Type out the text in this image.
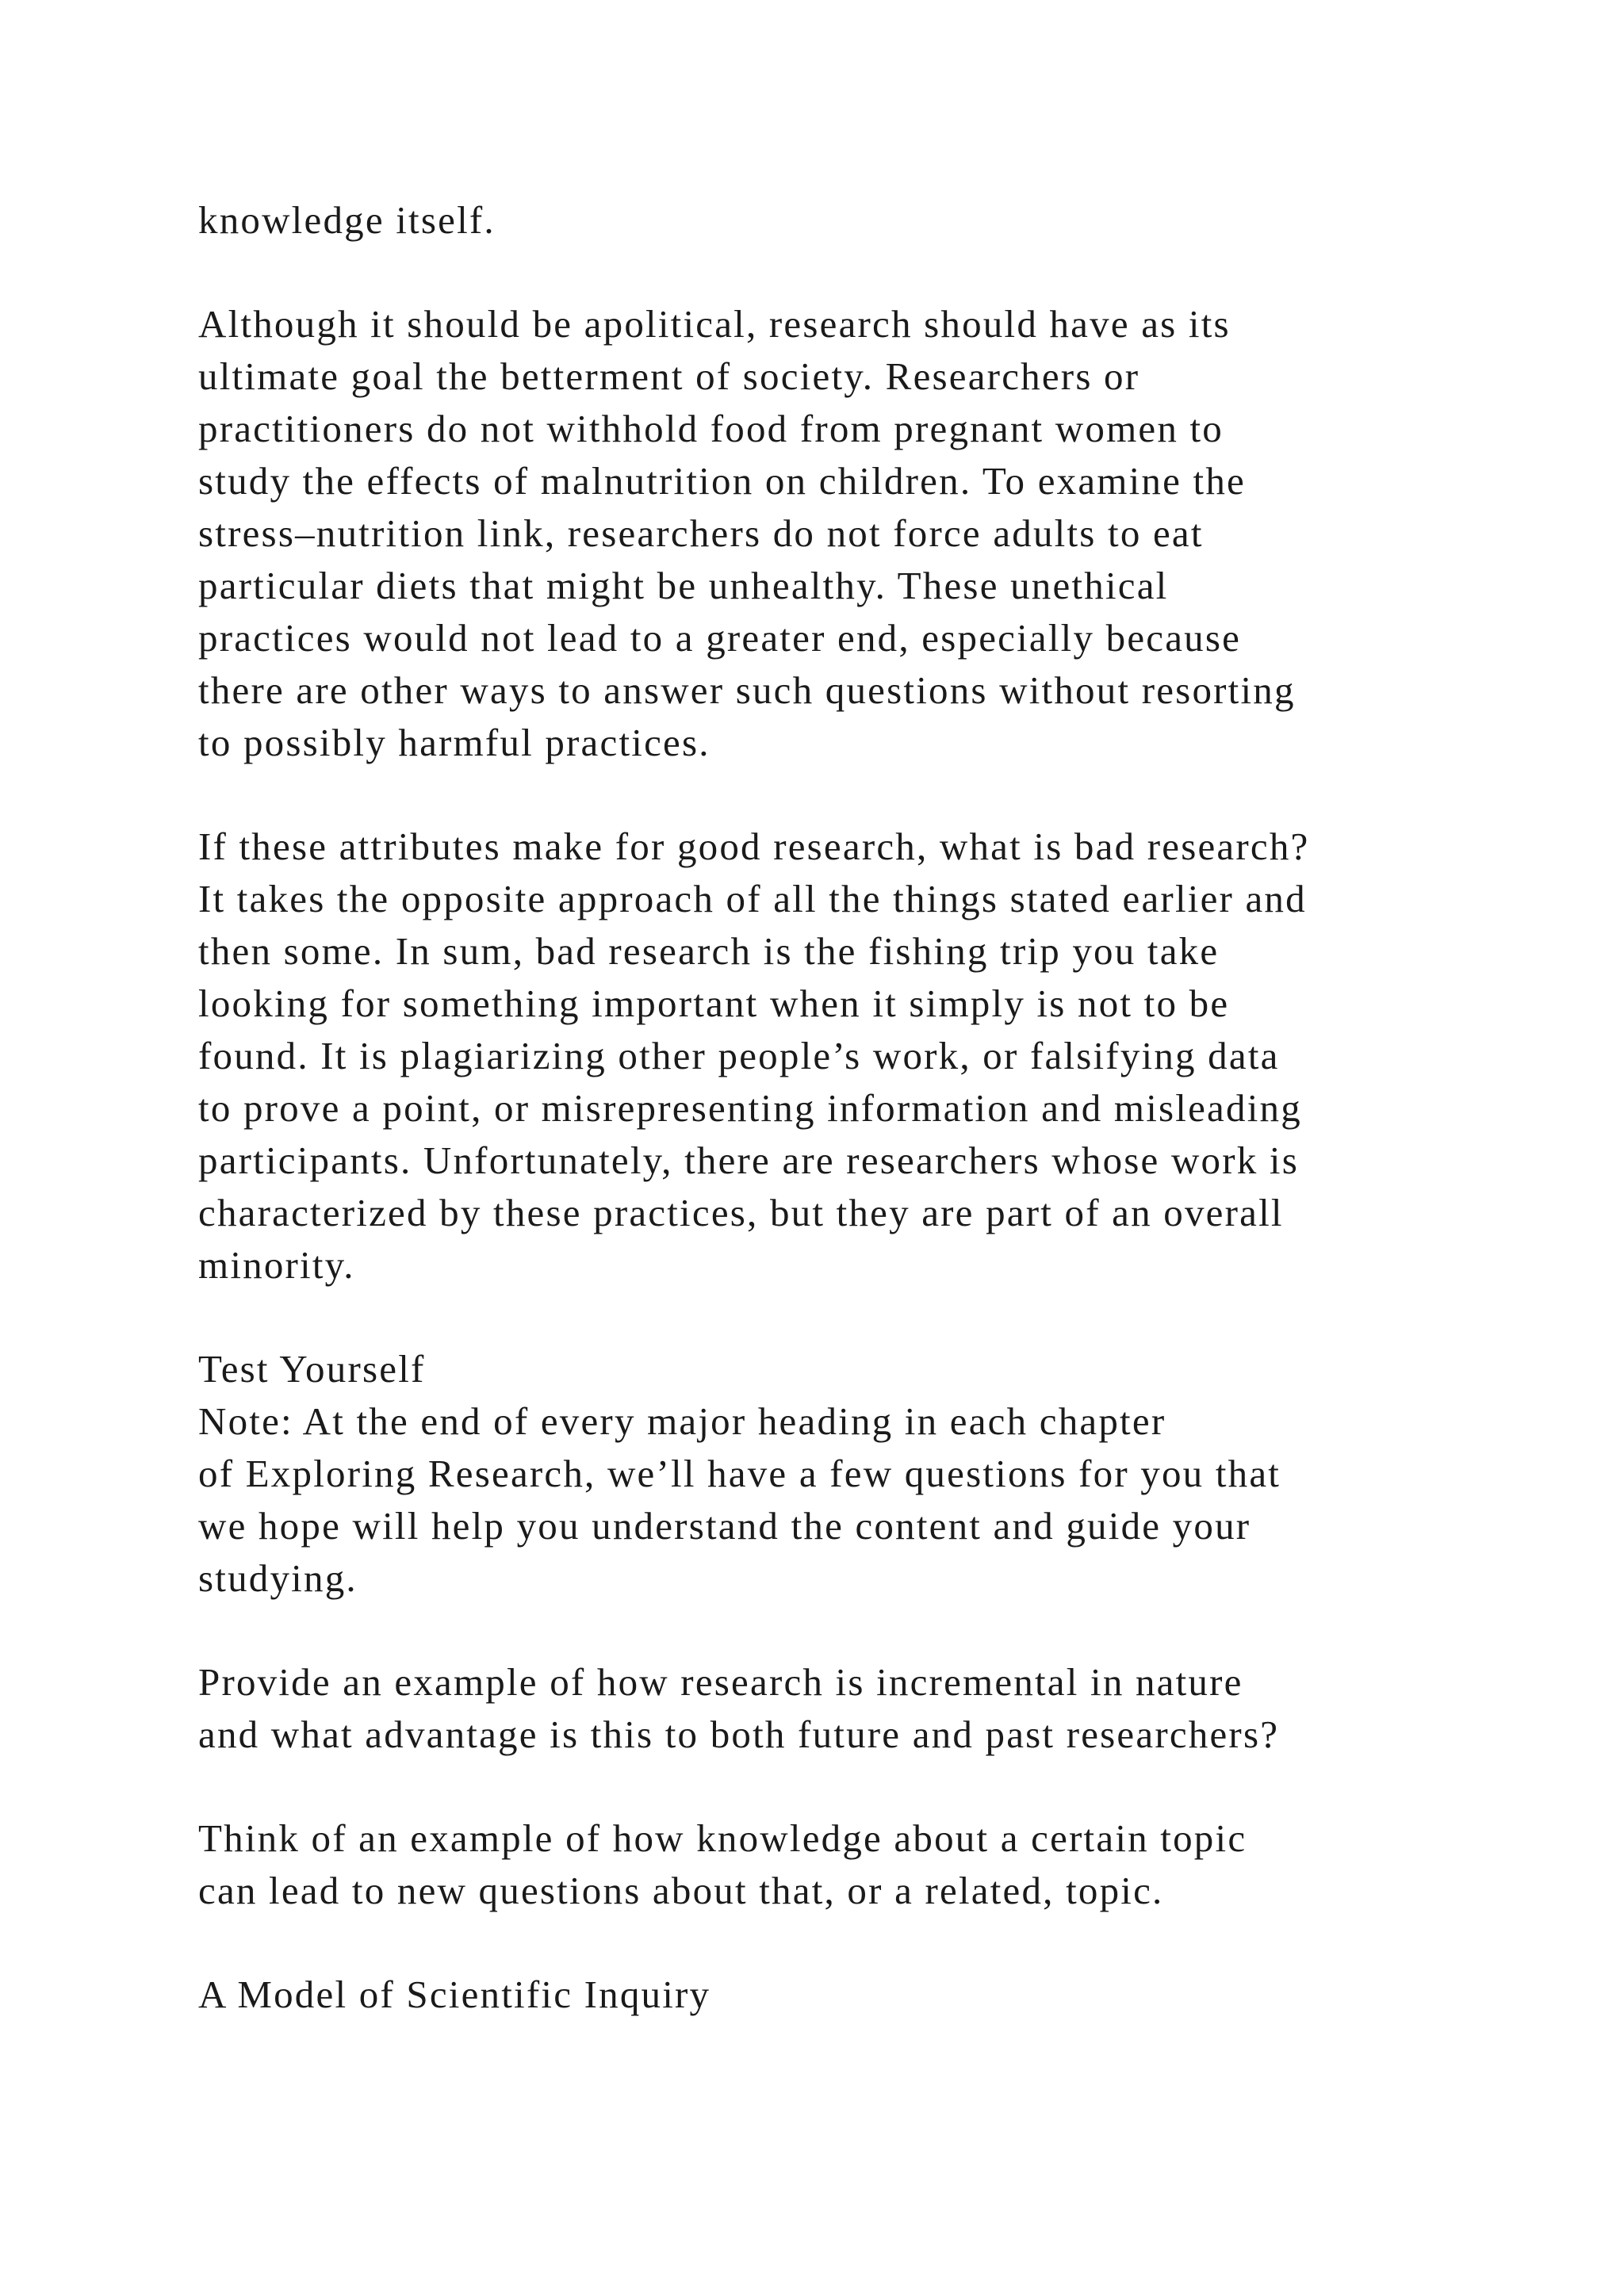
knowledge itself.
Although it should be apolitical, research should have as its
ultimate goal the betterment of society. Researchers or
practitioners do not withhold food from pregnant women to
study the effects of malnutrition on children. To examine the
stress–nutrition link, researchers do not force adults to eat
particular diets that might be unhealthy. These unethical
practices would not lead to a greater end, especially because
there are other ways to answer such questions without resorting
to possibly harmful practices.
If these attributes make for good research, what is bad research?
It takes the opposite approach of all the things stated earlier and
then some. In sum, bad research is the fishing trip you take
looking for something important when it simply is not to be
found. It is plagiarizing other people’s work, or falsifying data
to prove a point, or misrepresenting information and misleading
participants. Unfortunately, there are researchers whose work is
characterized by these practices, but they are part of an overall
minority.
Test Yourself
Note: At the end of every major heading in each chapter
of Exploring Research, we’ll have a few questions for you that
we hope will help you understand the content and guide your
studying.
Provide an example of how research is incremental in nature
and what advantage is this to both future and past researchers?
Think of an example of how knowledge about a certain topic
can lead to new questions about that, or a related, topic.
A Model of Scientific Inquiry
